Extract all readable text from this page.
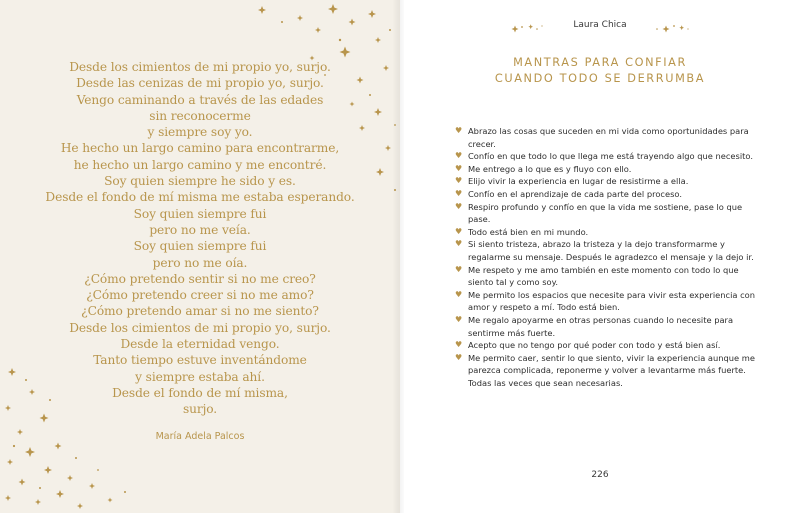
Desde los cimientos de mi propio yo, surjo.
Desde las cenizas de mi propio yo, surjo.
Vengo caminando a través de las edades
sin reconocerme
y siempre soy yo.
He hecho un largo camino para encontrarme,
he hecho un largo camino y me encontré.
Soy quien siempre he sido y es.
Desde el fondo de mí misma me estaba esperando.
Soy quien siempre fui
pero no me veía.
Soy quien siempre fui
pero no me oía.
¿Cómo pretendo sentir si no me creo?
¿Cómo pretendo creer si no me amo?
¿Cómo pretendo amar si no me siento?
Desde los cimientos de mi propio yo, surjo.
Desde la eternidad vengo.
Tanto tiempo estuve inventándome
y siempre estaba ahí.
Desde el fondo de mí misma,
surjo.
María Adela Palcos
Laura Chica
MANTRAS PARA CONFIAR
CUANDO TODO SE DERRUMBA
♥ Abrazo las cosas que suceden en mi vida como oportunidades para crecer.
♥ Confío en que todo lo que llega me está trayendo algo que necesito.
♥ Me entrego a lo que es y fluyo con ello.
♥ Elijo vivir la experiencia en lugar de resistirme a ella.
♥ Confío en el aprendizaje de cada parte del proceso.
♥ Respiro profundo y confío en que la vida me sostiene, pase lo que pase.
♥ Todo está bien en mi mundo.
♥ Si siento tristeza, abrazo la tristeza y la dejo transformarme y regalarme su mensaje. Después le agradezco el mensaje y la dejo ir.
♥ Me respeto y me amo también en este momento con todo lo que siento tal y como soy.
♥ Me permito los espacios que necesite para vivir esta experiencia con amor y respeto a mí. Todo está bien.
♥ Me regalo apoyarme en otras personas cuando lo necesite para sentirme más fuerte.
♥ Acepto que no tengo por qué poder con todo y está bien así.
♥ Me permito caer, sentir lo que siento, vivir la experiencia aunque me parezca complicada, reponerme y volver a levantarme más fuerte. Todas las veces que sean necesarias.
226
